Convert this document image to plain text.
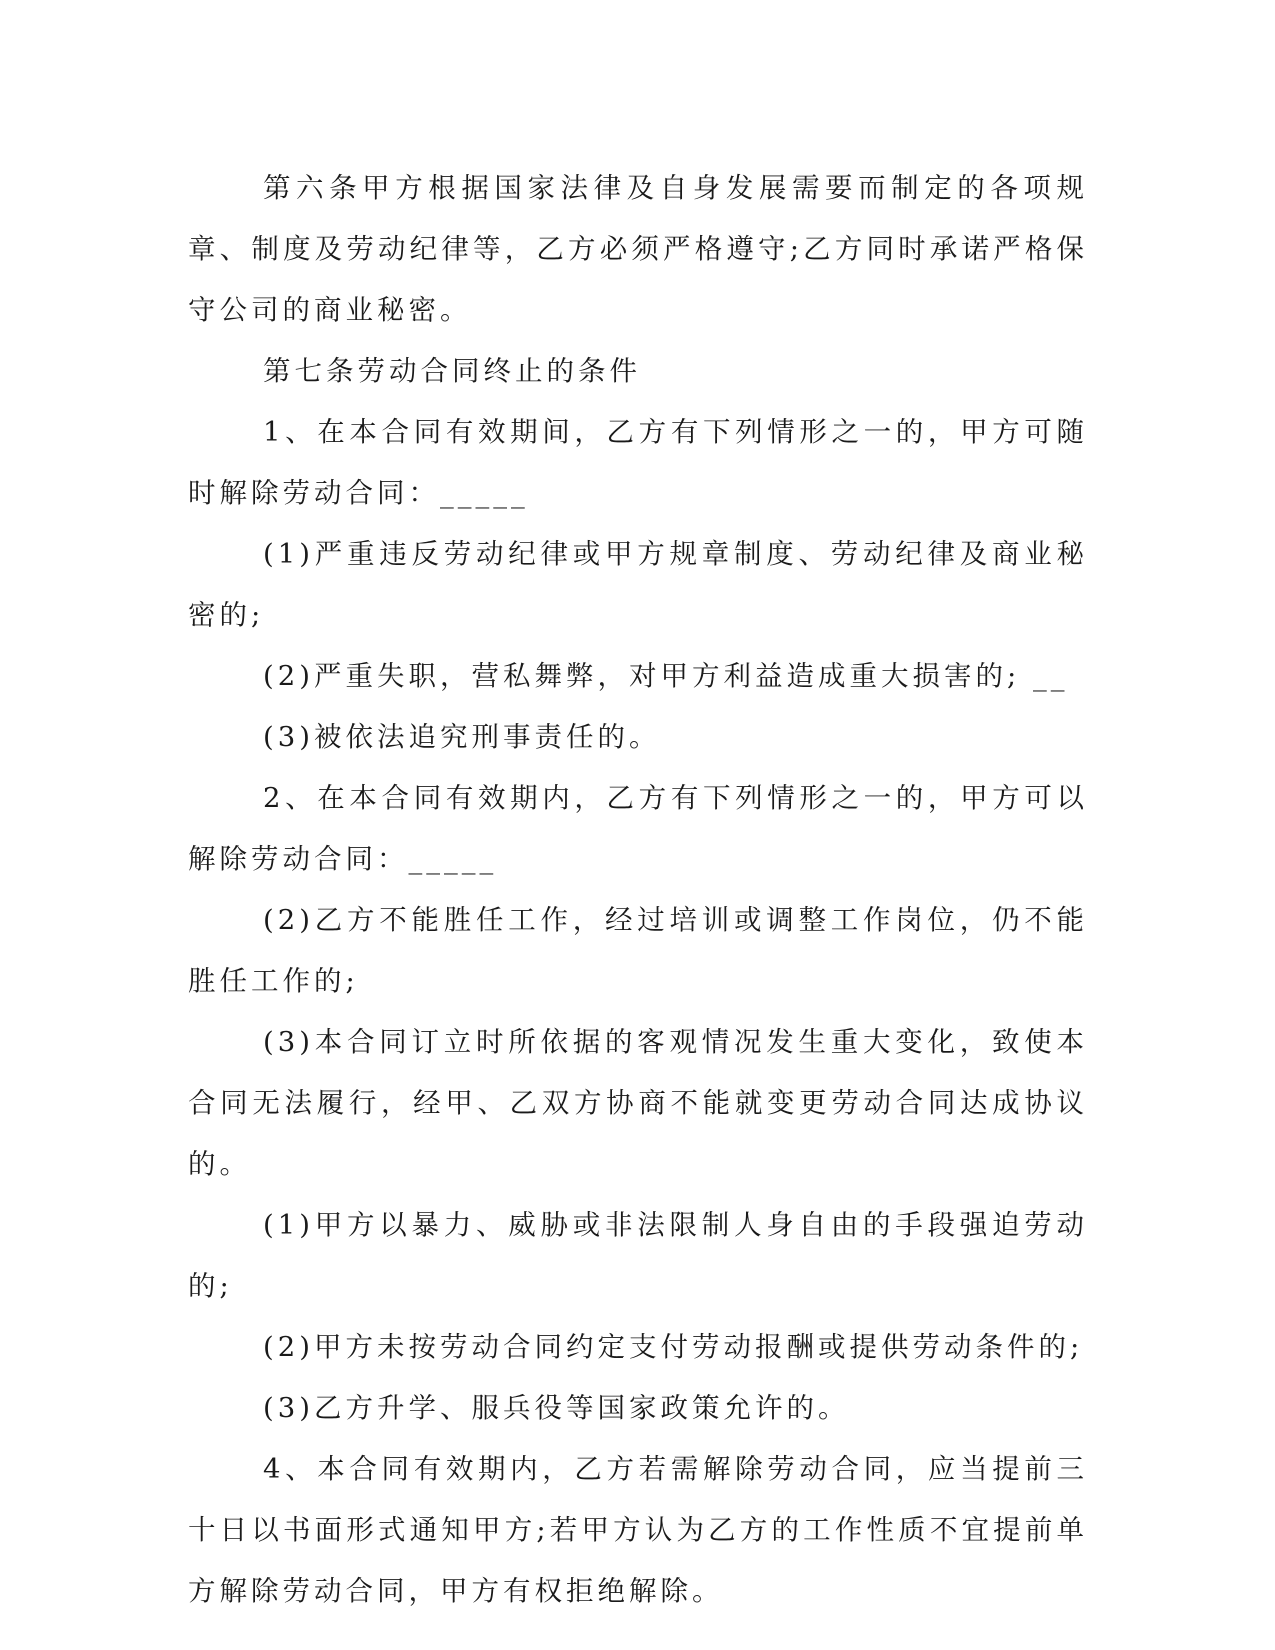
第六条甲方根据国家法律及自身发展需要而制定的各项规章、制度及劳动纪律等，乙方必须严格遵守;乙方同时承诺严格保守公司的商业秘密。

第七条劳动合同终止的条件

1、在本合同有效期间，乙方有下列情形之一的，甲方可随时解除劳动合同：_____

(1)严重违反劳动纪律或甲方规章制度、劳动纪律及商业秘密的;

(2)严重失职，营私舞弊，对甲方利益造成重大损害的; __

(3)被依法追究刑事责任的。

2、在本合同有效期内，乙方有下列情形之一的，甲方可以解除劳动合同：_____

(2)乙方不能胜任工作，经过培训或调整工作岗位，仍不能胜任工作的;

(3)本合同订立时所依据的客观情况发生重大变化，致使本合同无法履行，经甲、乙双方协商不能就变更劳动合同达成协议的。

(1)甲方以暴力、威胁或非法限制人身自由的手段强迫劳动的;

(2)甲方未按劳动合同约定支付劳动报酬或提供劳动条件的;

(3)乙方升学、服兵役等国家政策允许的。

4、本合同有效期内，乙方若需解除劳动合同，应当提前三十日以书面形式通知甲方;若甲方认为乙方的工作性质不宜提前单方解除劳动合同，甲方有权拒绝解除。
